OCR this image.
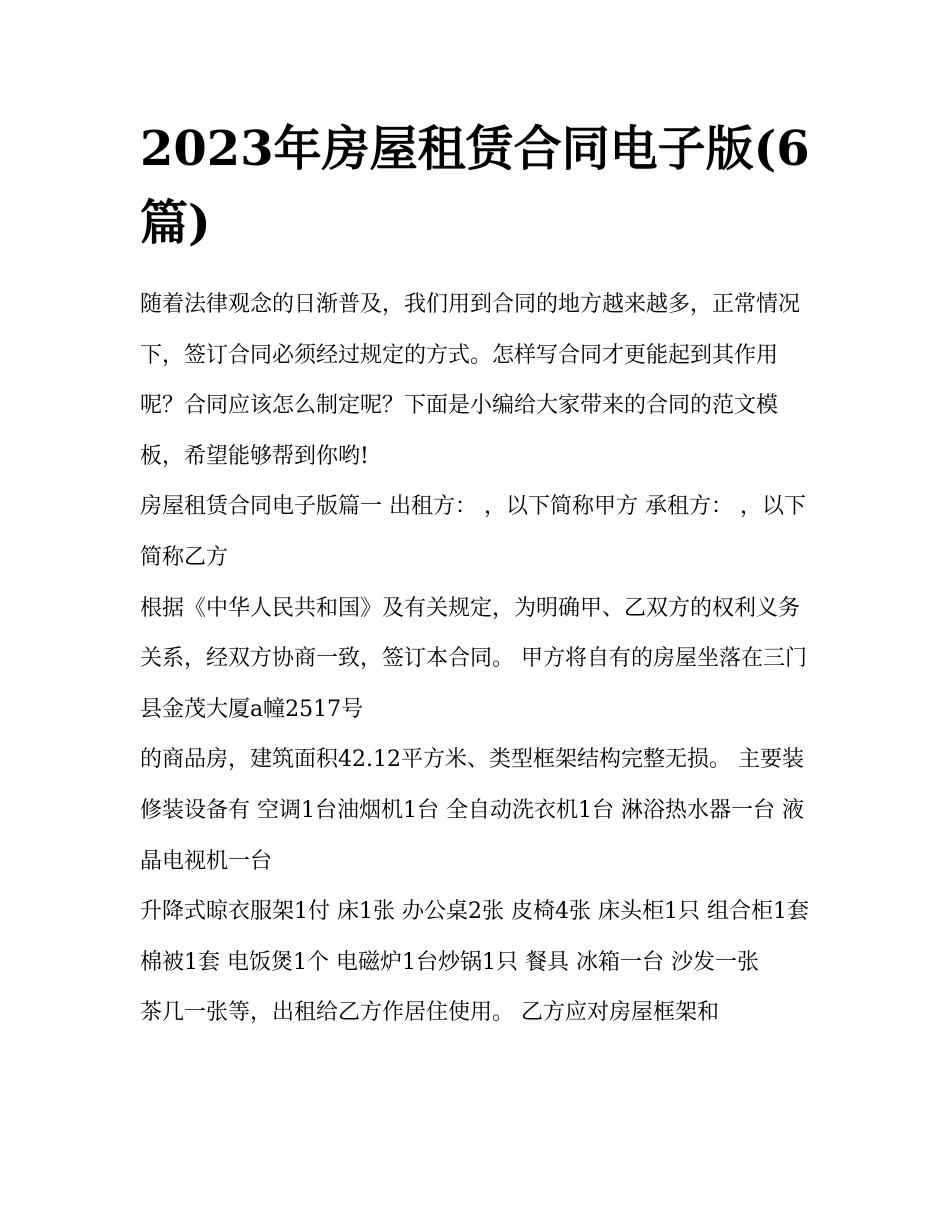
2023年房屋租赁合同电子版(6篇)

随着法律观念的日渐普及，我们用到合同的地方越来越多，正常情况下，签订合同必须经过规定的方式。怎样写合同才更能起到其作用呢？合同应该怎么制定呢？下面是小编给大家带来的合同的范文模板，希望能够帮到你哟!

房屋租赁合同电子版篇一 出租方： ，以下简称甲方 承租方： ，以下简称乙方

根据《中华人民共和国》及有关规定，为明确甲、乙双方的权利义务关系，经双方协商一致，签订本合同。 甲方将自有的房屋坐落在三门县金茂大厦a幢2517号

的商品房，建筑面积42.12平方米、类型框架结构完整无损。 主要装修装设备有 空调1台油烟机1台 全自动洗衣机1台 淋浴热水器一台 液晶电视机一台

升降式晾衣服架1付 床1张 办公桌2张 皮椅4张 床头柜1只 组合柜1套棉被1套 电饭煲1个 电磁炉1台炒锅1只 餐具 冰箱一台 沙发一张

茶几一张等，出租给乙方作居住使用。 乙方应对房屋框架和
